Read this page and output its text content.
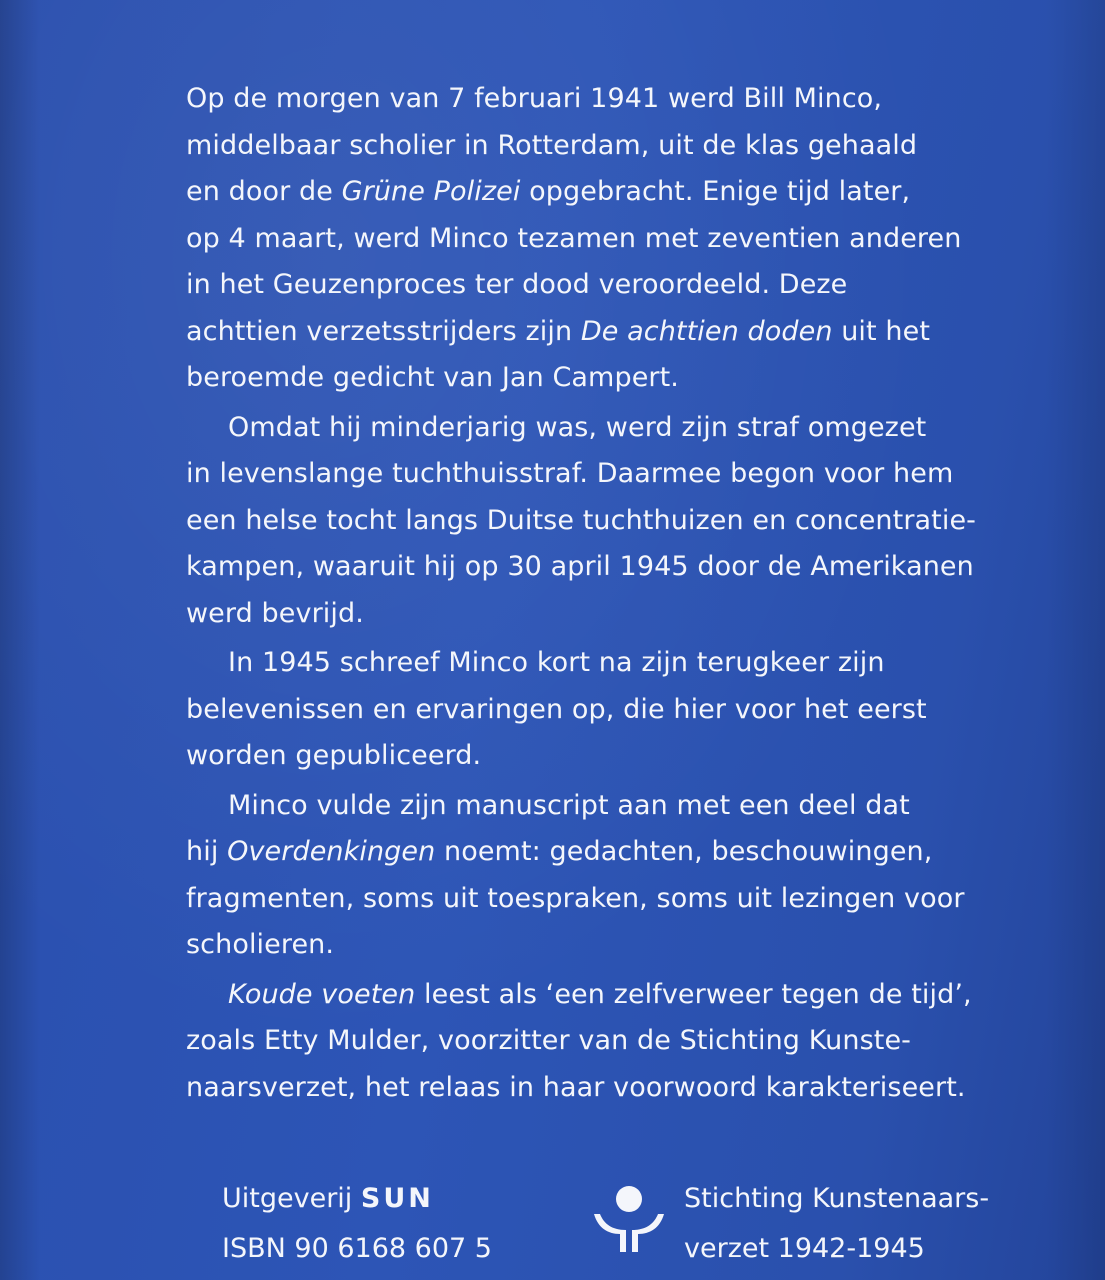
Op de morgen van 7 februari 1941 werd Bill Minco,
middelbaar scholier in Rotterdam, uit de klas gehaald
en door de Grüne Polizei opgebracht. Enige tijd later,
op 4 maart, werd Minco tezamen met zeventien anderen
in het Geuzenproces ter dood veroordeeld. Deze
achttien verzetsstrijders zijn De achttien doden uit het
beroemde gedicht van Jan Campert.
Omdat hij minderjarig was, werd zijn straf omgezet
in levenslange tuchthuisstraf. Daarmee begon voor hem
een helse tocht langs Duitse tuchthuizen en concentratie-
kampen, waaruit hij op 30 april 1945 door de Amerikanen
werd bevrijd.
In 1945 schreef Minco kort na zijn terugkeer zijn
belevenissen en ervaringen op, die hier voor het eerst
worden gepubliceerd.
Minco vulde zijn manuscript aan met een deel dat
hij Overdenkingen noemt: gedachten, beschouwingen,
fragmenten, soms uit toespraken, soms uit lezingen voor
scholieren.
Koude voeten leest als ‘een zelfverweer tegen de tijd’,
zoals Etty Mulder, voorzitter van de Stichting Kunste-
naarsverzet, het relaas in haar voorwoord karakteriseert.
Uitgeverij SUN
ISBN 90 6168 607 5
Stichting Kunstenaars-
verzet 1942-1945
